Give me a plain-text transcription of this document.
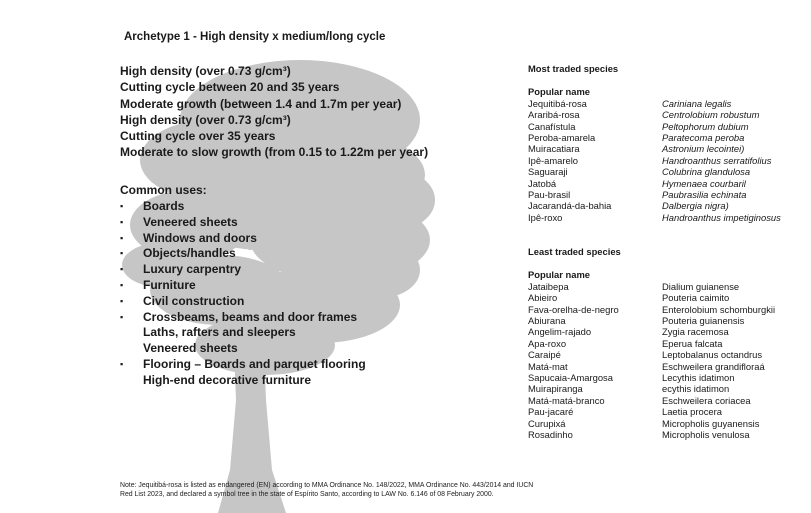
Archetype 1 - High density x medium/long cycle
High density (over 0.73 g/cm³)
Cutting cycle between 20 and 35 years
Moderate growth (between 1.4 and 1.7m per year)
High density (over 0.73 g/cm³)
Cutting cycle over 35 years
Moderate to slow growth (from 0.15 to 1.22m per year)
Common uses:
▪ Boards
▪ Veneered sheets
▪ Windows and doors
▪ Objects/handles
▪ Luxury carpentry
▪ Furniture
▪ Civil construction
▪ Crossbeams, beams and door frames
Laths, rafters and sleepers
Veneered sheets
▪ Flooring – Boards and parquet flooring
High-end decorative furniture
Most traded species
Popular name
Jequitibá-rosa	Cariniana legalis
Araribá-rosa	Centrolobium robustum
Canafístula	Peltophorum dubium
Peroba-amarela	Paratecoma peroba
Muiracatiara	Astronium lecointei)
Ipê-amarelo	Handroanthus serratifolius
Saguaraji	Colubrina glandulosa
Jatobá	Hymenaea courbaril
Pau-brasil	Paubrasilia echinata
Jacarandá-da-bahia	Dalbergia nigra)
Ipê-roxo	Handroanthus impetiginosus
Least traded species
Popular name
Jataibepa	Dialium guianense
Abieiro	Pouteria caimito
Fava-orelha-de-negro	Enterolobium schomburgkii
Abiurana	Pouteria guianensis
Angelim-rajado	Zygia racemosa
Apa-roxo	Eperua falcata
Caraipé	Leptobalanus octandrus
Matá-mat	Eschweilera grandifloraá
Sapucaia-Amargosa	Lecythis idatimon
Muirapiranga	ecythis idatimon
Matá-matá-branco	Eschweilera coriacea
Pau-jacaré	Laetia procera
Curupixá	Micropholis guyanensis
Rosadinho	Micropholis venulosa
Note: Jequitibá-rosa is listed as endangered (EN) according to MMA Ordinance No. 148/2022, MMA Ordinance No. 443/2014 and IUCN Red List 2023, and declared a symbol tree in the state of Espírito Santo, according to LAW No. 6.146 of 08 February 2000.
